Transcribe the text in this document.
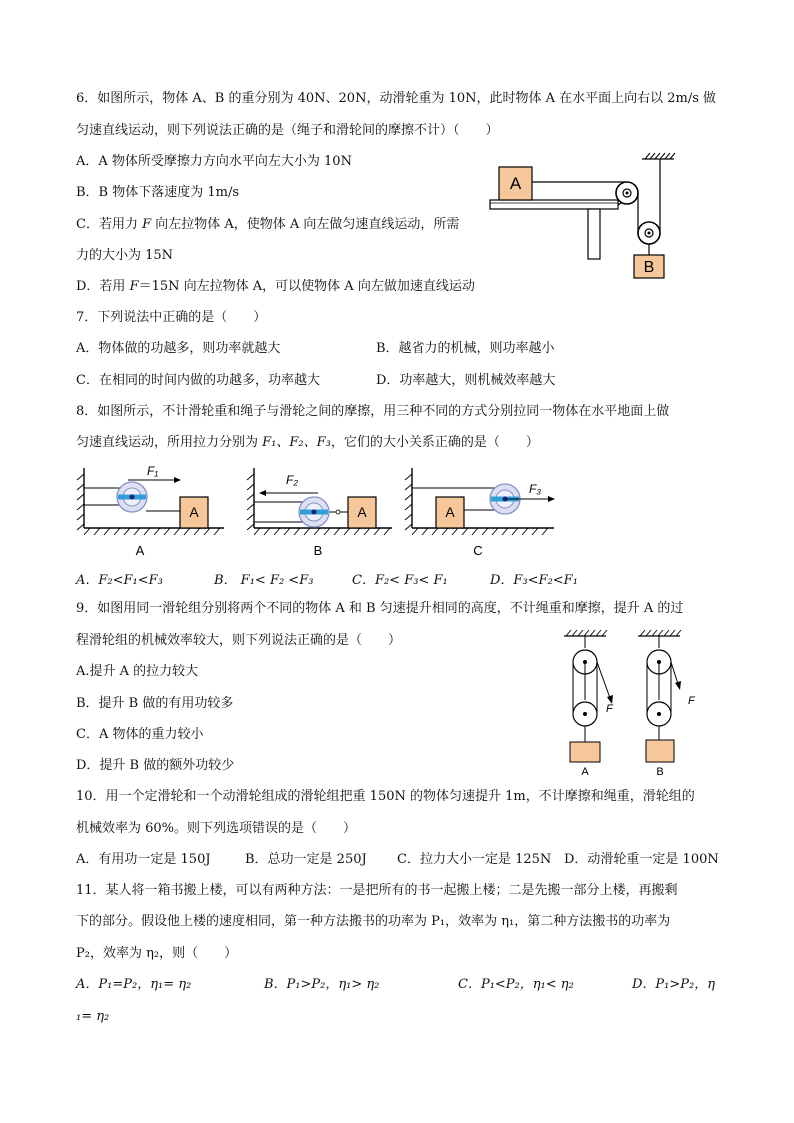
6．如图所示，物体 A、B 的重分别为 40N、20N，动滑轮重为 10N，此时物体 A 在水平面上向右以 2m/s 做
匀速直线运动，则下列说法正确的是（绳子和滑轮间的摩擦不计）（　　）
A．A 物体所受摩擦力方向水平向左大小为 10N
B．B 物体下落速度为 1m/s
C．若用力 F 向左拉物体 A，使物体 A 向左做匀速直线运动，所需
力的大小为 15N
D．若用 F＝15N 向左拉物体 A，可以使物体 A 向左做加速直线运动
A
B
7．下列说法中正确的是（　　）
A．物体做的功越多，则功率就越大	B．越省力的机械，则功率越小
C．在相同的时间内做的功越多，功率越大	D．功率越大，则机械效率越大
8．如图所示，不计滑轮重和绳子与滑轮之间的摩擦，用三种不同的方式分别拉同一物体在水平地面上做
匀速直线运动，所用拉力分别为 F₁、F₂、F₃，它们的大小关系正确的是（　　）
F₁
A
A
F₂
A
B
A
F₃
C
A．F₂<F₁<F₃	B． F₁< F₂ <F₃	C．F₂< F₃< F₁	D．F₃<F₂<F₁
9．如图用同一滑轮组分别将两个不同的物体 A 和 B 匀速提升相同的高度，不计绳重和摩擦，提升 A 的过
程滑轮组的机械效率较大，则下列说法正确的是（　　）
A.提升 A 的拉力较大
B．提升 B 做的有用功较多
C．A 物体的重力较小
D．提升 B 做的额外功较少
F
A
F
B
10．用一个定滑轮和一个动滑轮组成的滑轮组把重 150N 的物体匀速提升 1m，不计摩擦和绳重，滑轮组的
机械效率为 60%。则下列选项错误的是（　　）
A．有用功一定是 150J	B．总功一定是 250J C．拉力大小一定是 125N D．动滑轮重一定是 100N
11．某人将一箱书搬上楼，可以有两种方法：一是把所有的书一起搬上楼；二是先搬一部分上楼，再搬剩
下的部分。假设他上楼的速度相同，第一种方法搬书的功率为 P₁，效率为 η₁，第二种方法搬书的功率为
P₂，效率为 η₂，则（　　）
A．P₁=P₂，η₁= η₂	B．P₁>P₂，η₁> η₂	C．P₁<P₂，η₁< η₂	D．P₁>P₂，η
₁= η₂
